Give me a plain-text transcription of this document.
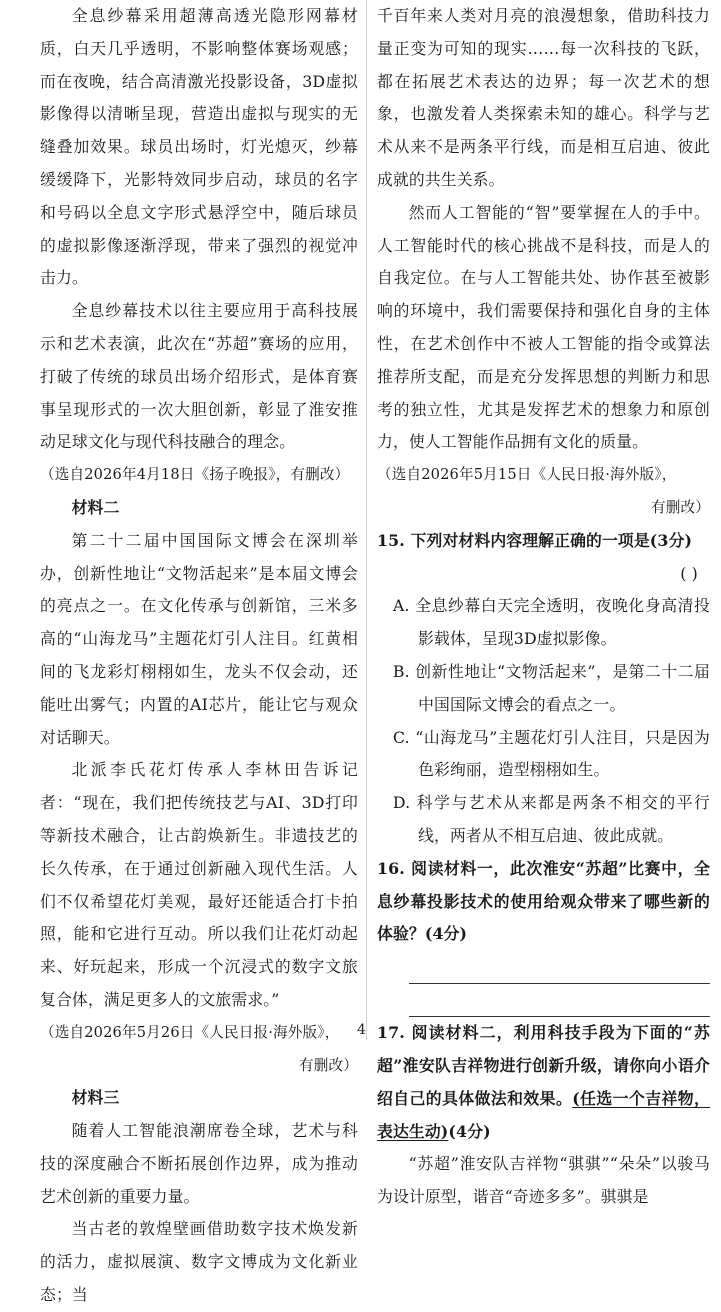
全息纱幕采用超薄高透光隐形网幕材质，白天几乎透明，不影响整体赛场观感；而在夜晚，结合高清激光投影设备，3D虚拟影像得以清晰呈现，营造出虚拟与现实的无缝叠加效果。球员出场时，灯光熄灭，纱幕缓缓降下，光影特效同步启动，球员的名字和号码以全息文字形式悬浮空中，随后球员的虚拟影像逐渐浮现，带来了强烈的视觉冲击力。

全息纱幕技术以往主要应用于高科技展示和艺术表演，此次在“苏超”赛场的应用，打破了传统的球员出场介绍形式，是体育赛事呈现形式的一次大胆创新，彰显了淮安推动足球文化与现代科技融合的理念。

（选自2026年4月18日《扬子晚报》，有删改）

材料二

第二十二届中国国际文博会在深圳举办，创新性地让“文物活起来”是本届文博会的亮点之一。在文化传承与创新馆，三米多高的“山海龙马”主题花灯引人注目。红黄相间的飞龙彩灯栩栩如生，龙头不仅会动，还能吐出雾气；内置的AI芯片，能让它与观众对话聊天。

北派李氏花灯传承人李林田告诉记者：“现在，我们把传统技艺与AI、3D打印等新技术融合，让古韵焕新生。非遗技艺的长久传承，在于通过创新融入现代生活。人们不仅希望花灯美观，最好还能适合打卡拍照，能和它进行互动。所以我们让花灯动起来、好玩起来，形成一个沉浸式的数字文旅复合体，满足更多人的文旅需求。”

（选自2026年5月26日《人民日报·海外版》，

有删改）

材料三

随着人工智能浪潮席卷全球，艺术与科技的深度融合不断拓展创作边界，成为推动艺术创新的重要力量。

当古老的敦煌壁画借助数字技术焕发新的活力，虚拟展演、数字文博成为文化新业态；当

千百年来人类对月亮的浪漫想象，借助科技力量正变为可知的现实……每一次科技的飞跃，都在拓展艺术表达的边界；每一次艺术的想象，也激发着人类探索未知的雄心。科学与艺术从来不是两条平行线，而是相互启迪、彼此成就的共生关系。

然而人工智能的“智”要掌握在人的手中。人工智能时代的核心挑战不是科技，而是人的自我定位。在与人工智能共处、协作甚至被影响的环境中，我们需要保持和强化自身的主体性，在艺术创作中不被人工智能的指令或算法推荐所支配，而是充分发挥思想的判断力和思考的独立性，尤其是发挥艺术的想象力和原创力，使人工智能作品拥有文化的质量。

（选自2026年5月15日《人民日报·海外版》，

有删改）

15. 下列对材料内容理解正确的一项是(3分)

( )

A. 全息纱幕白天完全透明，夜晚化身高清投影载体，呈现3D虚拟影像。

B. 创新性地让“文物活起来”，是第二十二届中国国际文博会的看点之一。

C. “山海龙马”主题花灯引人注目，只是因为色彩绚丽，造型栩栩如生。

D. 科学与艺术从来都是两条不相交的平行线，两者从不相互启迪、彼此成就。

16. 阅读材料一，此次淮安“苏超”比赛中，全息纱幕投影技术的使用给观众带来了哪些新的体验？(4分)

17. 阅读材料二，利用科技手段为下面的“苏超”淮安队吉祥物进行创新升级，请你向小语介绍自己的具体做法和效果。(任选一个吉祥物，表达生动)(4分)

“苏超”淮安队吉祥物“骐骐”“朵朵”以骏马为设计原型，谐音“奇迹多多”。骐骐是

4
